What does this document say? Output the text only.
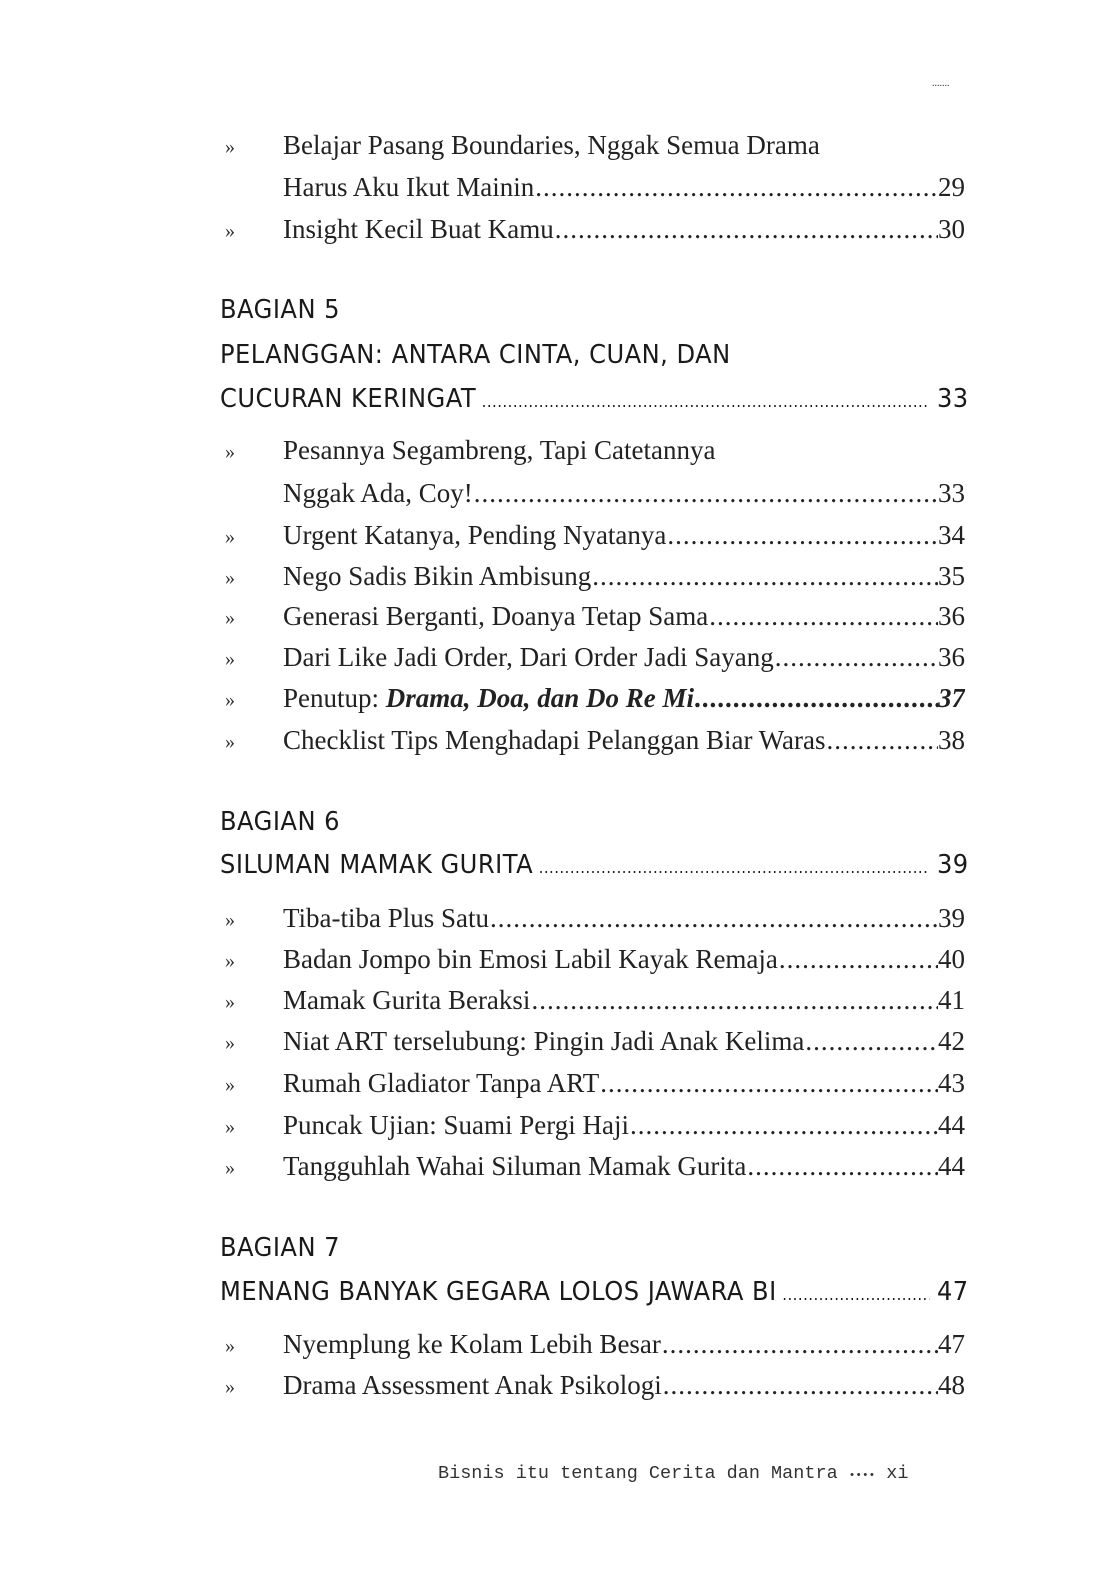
.......
» Belajar Pasang Boundaries, Nggak Semua Drama
Harus Aku Ikut Mainin .....	29
» Insight Kecil Buat Kamu .....	30
BAGIAN 5
PELANGGAN: ANTARA CINTA, CUAN, DAN
CUCURAN KERINGAT .....	33
» Pesannya Segambreng, Tapi Catetannya
Nggak Ada, Coy! .....	33
» Urgent Katanya, Pending Nyatanya .....	34
» Nego Sadis Bikin Ambisung .....	35
» Generasi Berganti, Doanya Tetap Sama .....	36
» Dari Like Jadi Order, Dari Order Jadi Sayang .....	36
» Penutup: Drama, Doa, dan Do Re Mi .....	37
» Checklist Tips Menghadapi Pelanggan Biar Waras .....	38
BAGIAN 6
SILUMAN MAMAK GURITA .....	39
» Tiba-tiba Plus Satu .....	39
» Badan Jompo bin Emosi Labil Kayak Remaja .....	40
» Mamak Gurita Beraksi .....	41
» Niat ART terselubung: Pingin Jadi Anak Kelima .....	42
» Rumah Gladiator Tanpa ART .....	43
» Puncak Ujian: Suami Pergi Haji .....	44
» Tangguhlah Wahai Siluman Mamak Gurita .....	44
BAGIAN 7
MENANG BANYAK GEGARA LOLOS JAWARA BI .....	47
» Nyemplung ke Kolam Lebih Besar .....	47
» Drama Assessment Anak Psikologi .....	48
Bisnis itu tentang Cerita dan Mantra •••• xi
